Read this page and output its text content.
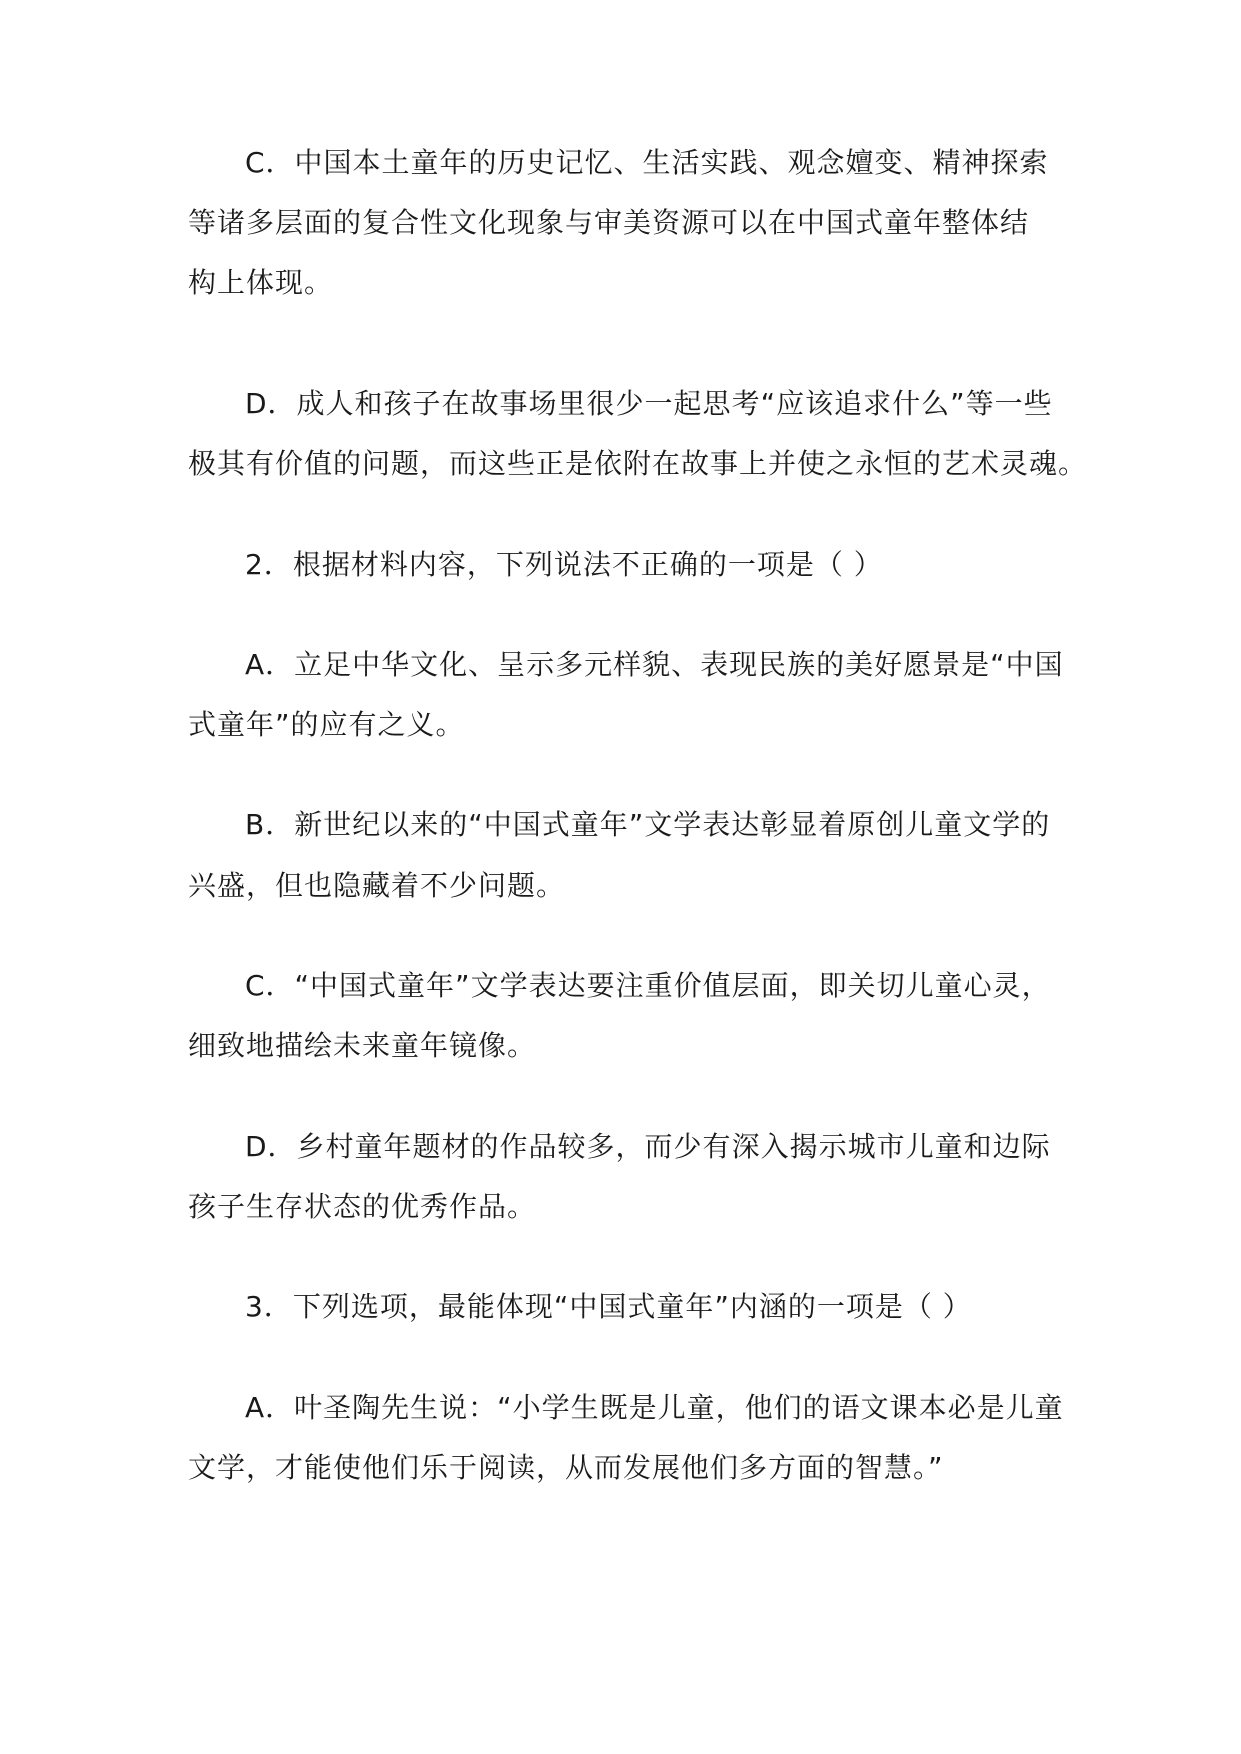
C．中国本土童年的历史记忆、生活实践、观念嬗变、精神探索
等诸多层面的复合性文化现象与审美资源可以在中国式童年整体结
构上体现。
D．成人和孩子在故事场里很少一起思考“应该追求什么”等一些
极其有价值的问题，而这些正是依附在故事上并使之永恒的艺术灵魂。
2．根据材料内容，下列说法不正确的一项是（ ）
A．立足中华文化、呈示多元样貌、表现民族的美好愿景是“中国
式童年”的应有之义。
B．新世纪以来的“中国式童年”文学表达彰显着原创儿童文学的
兴盛，但也隐藏着不少问题。
C．“中国式童年”文学表达要注重价值层面，即关切儿童心灵，
细致地描绘未来童年镜像。
D．乡村童年题材的作品较多，而少有深入揭示城市儿童和边际
孩子生存状态的优秀作品。
3．下列选项，最能体现“中国式童年”内涵的一项是（ ）
A．叶圣陶先生说：“小学生既是儿童，他们的语文课本必是儿童
文学，才能使他们乐于阅读，从而发展他们多方面的智慧。”
